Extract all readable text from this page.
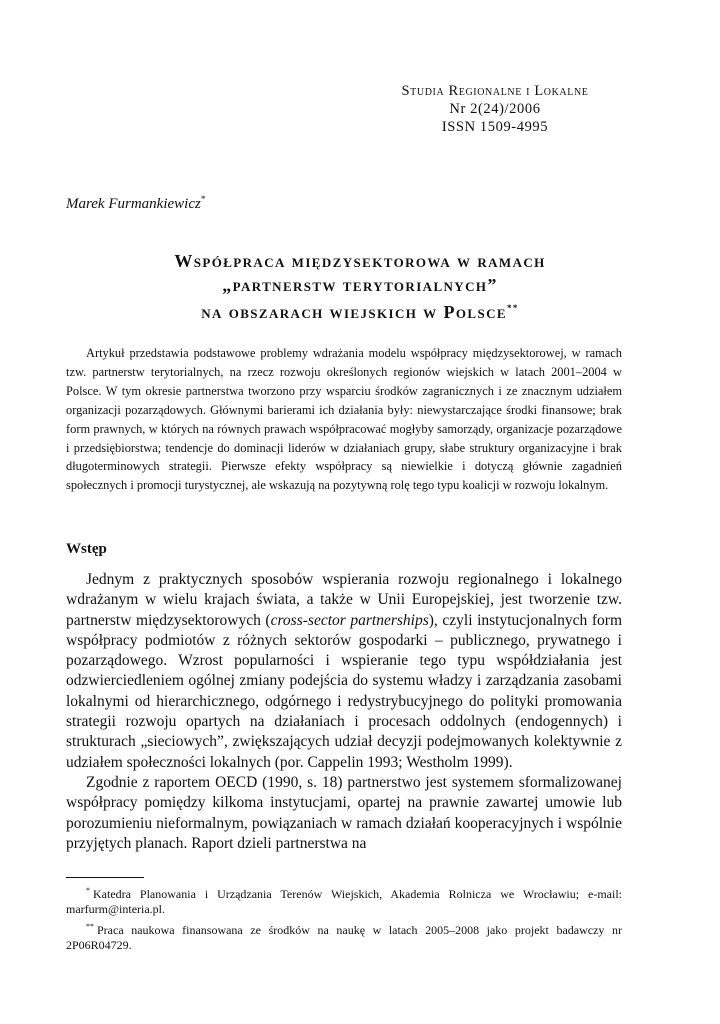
Studia Regionalne i Lokalne
Nr 2(24)/2006
ISSN 1509-4995
Marek Furmankiewicz*
Współpraca międzysektorowa w ramach
„partnerstw terytorialnych”
na obszarach wiejskich w Polsce**

Artykuł przedstawia podstawowe problemy wdrażania modelu współpracy międzysektorowej, w ramach tzw. partnerstw terytorialnych, na rzecz rozwoju określonych regionów wiejskich w latach 2001–2004 w Polsce. W tym okresie partnerstwa tworzono przy wsparciu środków zagranicznych i ze znacznym udziałem organizacji pozarządowych. Głównymi barierami ich działania były: niewystarczające środki finansowe; brak form prawnych, w których na równych prawach współpracować mogłyby samorządy, organizacje pozarządowe i przedsiębiorstwa; tendencje do dominacji liderów w działaniach grupy, słabe struktury organizacyjne i brak długoterminowych strategii. Pierwsze efekty współpracy są niewielkie i dotyczą głównie zagadnień społecznych i promocji turystycznej, ale wskazują na pozytywną rolę tego typu koalicji w rozwoju lokalnym.

Wstęp

Jednym z praktycznych sposobów wspierania rozwoju regionalnego i lokalnego wdrażanym w wielu krajach świata, a także w Unii Europejskiej, jest tworzenie tzw. partnerstw międzysektorowych (cross-sector partnerships), czyli instytucjonalnych form współpracy podmiotów z różnych sektorów gospodarki – publicznego, prywatnego i pozarządowego. Wzrost popularności i wspieranie tego typu współdziałania jest odzwierciedleniem ogólnej zmiany podejścia do systemu władzy i zarządzania zasobami lokalnymi od hierarchicznego, odgórnego i redystrybucyjnego do polityki promowania strategii rozwoju opartych na działaniach i procesach oddolnych (endogennych) i strukturach „sieciowych”, zwiększających udział decyzji podejmowanych kolektywnie z udziałem społeczności lokalnych (por. Cappelin 1993; Westholm 1999).

Zgodnie z raportem OECD (1990, s. 18) partnerstwo jest systemem sformalizowanej współpracy pomiędzy kilkoma instytucjami, opartej na prawnie zawartej umowie lub porozumieniu nieformalnym, powiązaniach w ramach działań kooperacyjnych i wspólnie przyjętych planach. Raport dzieli partnerstwa na

* Katedra Planowania i Urządzania Terenów Wiejskich, Akademia Rolnicza we Wrocławiu; e-mail: marfurm@interia.pl.

** Praca naukowa finansowana ze środków na naukę w latach 2005–2008 jako projekt badawczy nr 2P06R04729.
